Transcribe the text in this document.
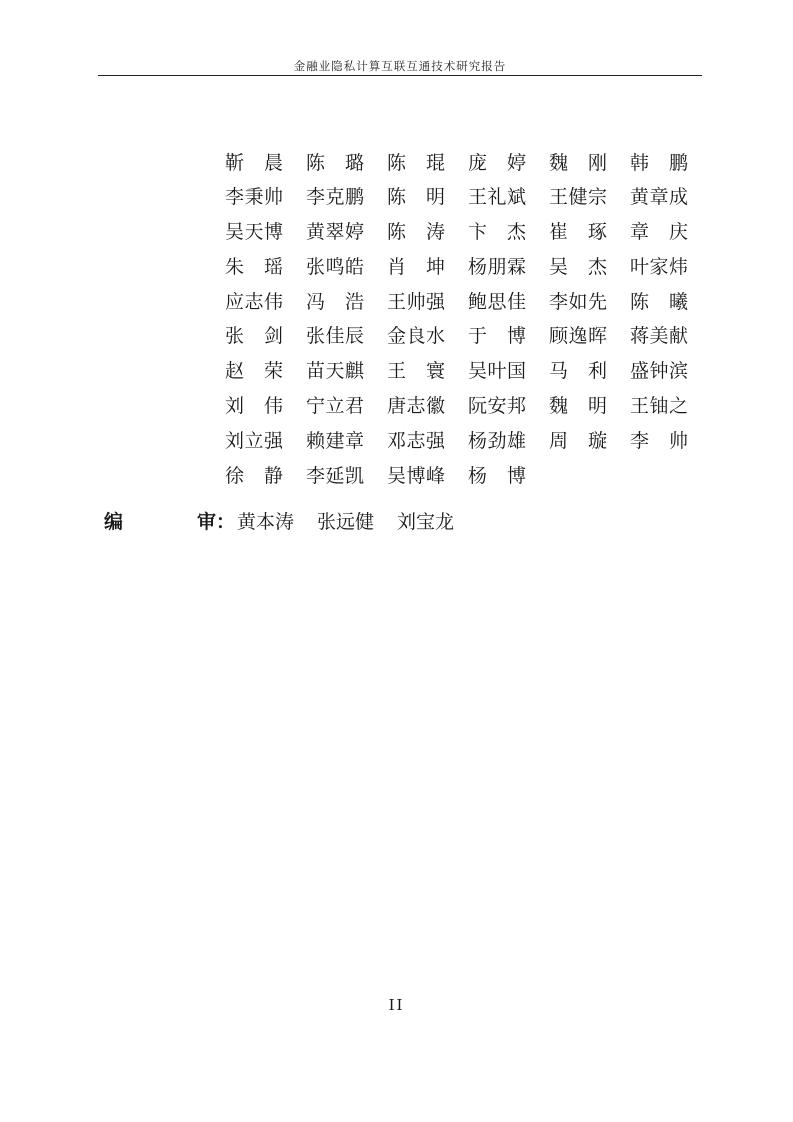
金融业隐私计算互联互通技术研究报告
靳 晨 陈 璐 陈 琨 庞 婷 魏 刚 韩 鹏
李 秉 帅 李 克 鹏 陈 明 王 礼 斌 王 健 宗 黄 章 成
吴 天 博 黄 翠 婷 陈 涛 卞 杰 崔 琢 章 庆
朱 瑶 张 鸣 皓 肖 坤 杨 朋 霖 吴 杰 叶 家 炜
应 志 伟 冯 浩 王 帅 强 鲍 思 佳 李 如 先 陈 曦
张 剑 张 佳 辰 金 良 水 于 博 顾 逸 晖 蒋 美 献
赵 荣 苗 天 麒 王 寰 吴 叶 国 马 利 盛 钟 滨
刘 伟 宁 立 君 唐 志 徽 阮 安 邦 魏 明 王 铀 之
刘 立 强 赖 建 章 邓 志 强 杨 劲 雄 周 璇 李 帅
徐 静 李 延 凯 吴 博 峰 杨 博
编	审 ： 黄本涛 张远健 刘宝龙
II
